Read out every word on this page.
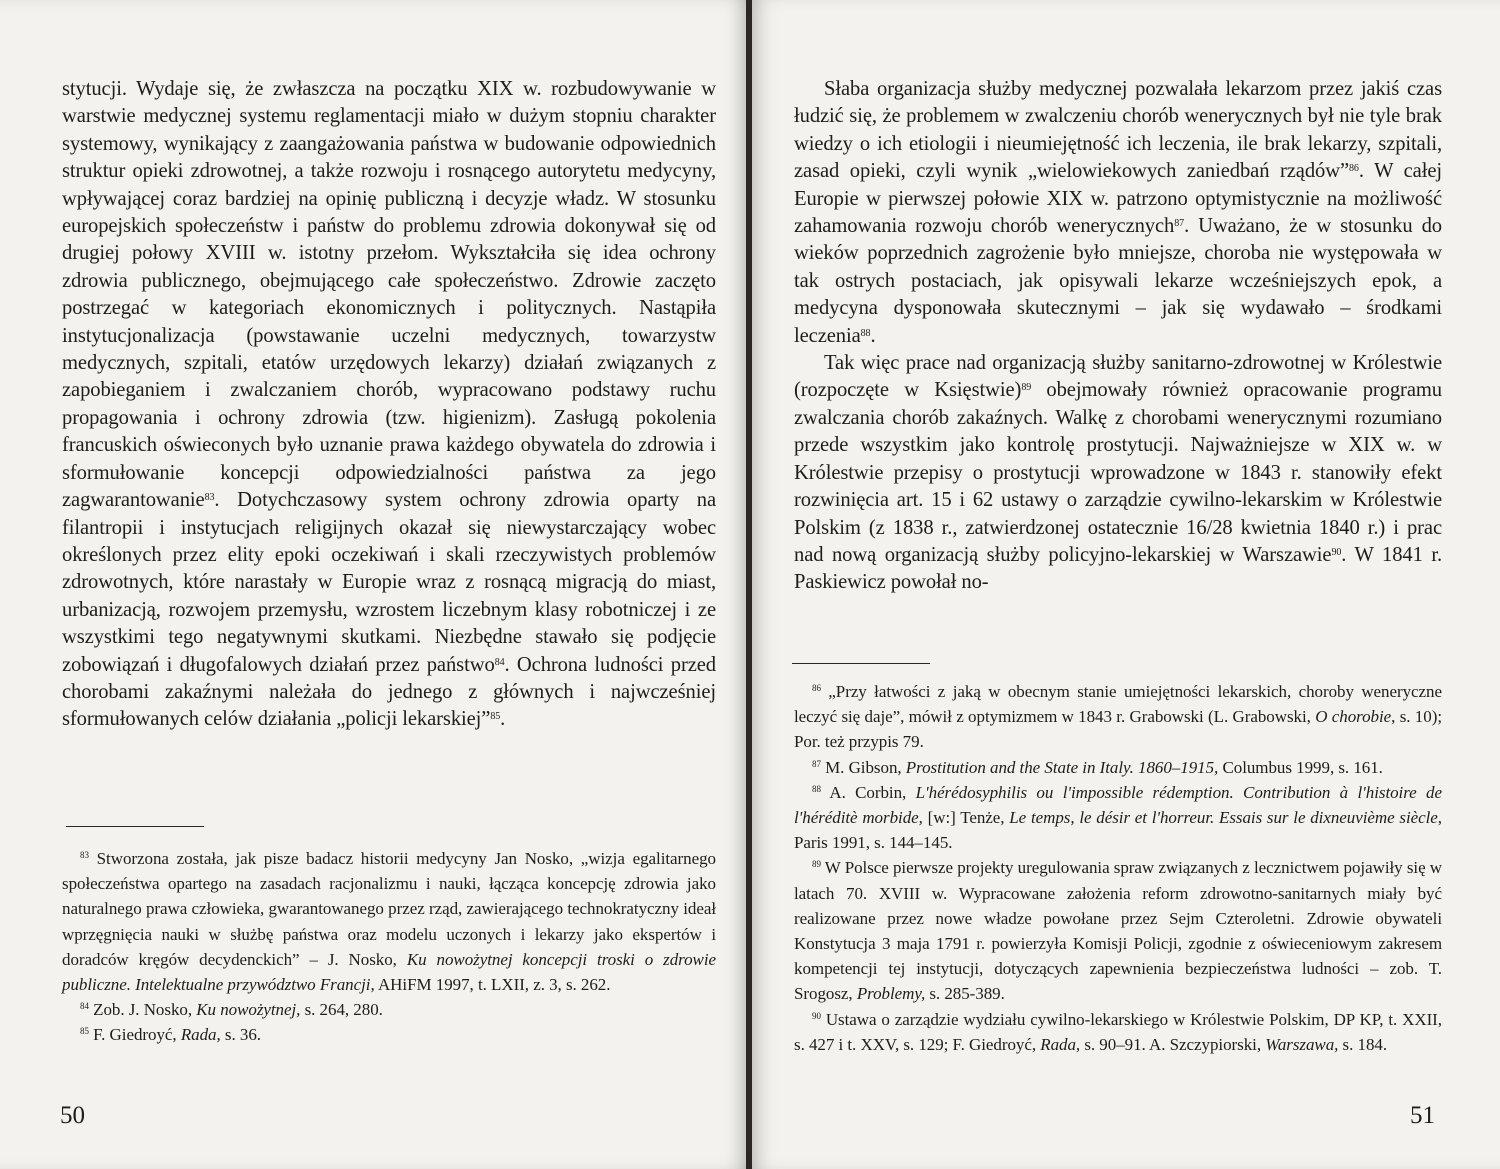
stytucji. Wydaje się, że zwłaszcza na początku XIX w. rozbudowywanie w warstwie medycznej systemu reglamentacji miało w dużym stopniu charakter systemowy, wynikający z zaangażowania państwa w budowanie odpowiednich struktur opieki zdrowotnej, a także rozwoju i rosnącego autorytetu medycyny, wpływającej coraz bardziej na opinię publiczną i decyzje władz. W stosunku europejskich społeczeństw i państw do problemu zdrowia dokonywał się od drugiej połowy XVIII w. istotny przełom. Wykształciła się idea ochrony zdrowia publicznego, obejmującego całe społeczeństwo. Zdrowie zaczęto postrzegać w kategoriach ekonomicznych i politycznych. Nastąpiła instytucjonalizacja (powstawanie uczelni medycznych, towarzystw medycznych, szpitali, etatów urzędowych lekarzy) działań związanych z zapobieganiem i zwalczaniem chorób, wypracowano podstawy ruchu propagowania i ochrony zdrowia (tzw. higienizm). Zasługą pokolenia francuskich oświeconych było uznanie prawa każdego obywatela do zdrowia i sformułowanie koncepcji odpowiedzialności państwa za jego zagwarantowanie$^{83}$. Dotychczasowy system ochrony zdrowia oparty na filantropii i instytucjach religijnych okazał się niewystarczający wobec określonych przez elity epoki oczekiwań i skali rzeczywistych problemów zdrowotnych, które narastały w Europie wraz z rosnącą migracją do miast, urbanizacją, rozwojem przemysłu, wzrostem liczebnym klasy robotniczej i ze wszystkimi tego negatywnymi skutkami. Niezbędne stawało się podjęcie zobowiązań i długofalowych działań przez państwo$^{84}$. Ochrona ludności przed chorobami zakaźnymi należała do jednego z głównych i najwcześniej sformułowanych celów działania „policji lekarskiej”$^{85}$.

$^{83}$ Stworzona została, jak pisze badacz historii medycyny Jan Nosko, „wizja egalitarnego społeczeństwa opartego na zasadach racjonalizmu i nauki, łącząca koncepcję zdrowia jako naturalnego prawa człowieka, gwarantowanego przez rząd, zawierającego technokratyczny ideał wprzęgnięcia nauki w służbę państwa oraz modelu uczonych i lekarzy jako ekspertów i doradców kręgów decydenckich” – J. Nosko, Ku nowożytnej koncepcji troski o zdrowie publiczne. Intelektualne przywództwo Francji, AHiFM 1997, t. LXII, z. 3, s. 262.

$^{84}$ Zob. J. Nosko, Ku nowożytnej, s. 264, 280.

$^{85}$ F. Giedroyć, Rada, s. 36.

50

Słaba organizacja służby medycznej pozwalała lekarzom przez jakiś czas łudzić się, że problemem w zwalczeniu chorób wenerycznych był nie tyle brak wiedzy o ich etiologii i nieumiejętność ich leczenia, ile brak lekarzy, szpitali, zasad opieki, czyli wynik „wielowiekowych zaniedbań rządów”$^{86}$. W całej Europie w pierwszej połowie XIX w. patrzono optymistycznie na możliwość zahamowania rozwoju chorób wenerycznych$^{87}$. Uważano, że w stosunku do wieków poprzednich zagrożenie było mniejsze, choroba nie występowała w tak ostrych postaciach, jak opisywali lekarze wcześniejszych epok, a medycyna dysponowała skutecznymi – jak się wydawało – środkami leczenia$^{88}$.

Tak więc prace nad organizacją służby sanitarno-zdrowotnej w Królestwie (rozpoczęte w Księstwie)$^{89}$ obejmowały również opracowanie programu zwalczania chorób zakaźnych. Walkę z chorobami wenerycznymi rozumiano przede wszystkim jako kontrolę prostytucji. Najważniejsze w XIX w. w Królestwie przepisy o prostytucji wprowadzone w 1843 r. stanowiły efekt rozwinięcia art. 15 i 62 ustawy o zarządzie cywilno-lekarskim w Królestwie Polskim (z 1838 r., zatwierdzonej ostatecznie 16/28 kwietnia 1840 r.) i prac nad nową organizacją służby policyjno-lekarskiej w Warszawie$^{90}$. W 1841 r. Paskiewicz powołał no-

$^{86}$ „Przy łatwości z jaką w obecnym stanie umiejętności lekarskich, choroby weneryczne leczyć się daje”, mówił z optymizmem w 1843 r. Grabowski (L. Grabowski, O chorobie, s. 10); Por. też przypis 79.

$^{87}$ M. Gibson, Prostitution and the State in Italy. 1860–1915, Columbus 1999, s. 161.

$^{88}$ A. Corbin, L'hérédosyphilis ou l'impossible rédemption. Contribution à l'histoire de l'héréditè morbide, [w:] Tenże, Le temps, le désir et l'horreur. Essais sur le dixneuvième siècle, Paris 1991, s. 144–145.

$^{89}$ W Polsce pierwsze projekty uregulowania spraw związanych z lecznictwem pojawiły się w latach 70. XVIII w. Wypracowane założenia reform zdrowotno-sanitarnych miały być realizowane przez nowe władze powołane przez Sejm Czteroletni. Zdrowie obywateli Konstytucja 3 maja 1791 r. powierzyła Komisji Policji, zgodnie z oświeceniowym zakresem kompetencji tej instytucji, dotyczących zapewnienia bezpieczeństwa ludności – zob. T. Srogosz, Problemy, s. 285-389.

$^{90}$ Ustawa o zarządzie wydziału cywilno-lekarskiego w Królestwie Polskim, DP KP, t. XXII, s. 427 i t. XXV, s. 129; F. Giedroyć, Rada, s. 90–91. A. Szczypiorski, Warszawa, s. 184.

51
